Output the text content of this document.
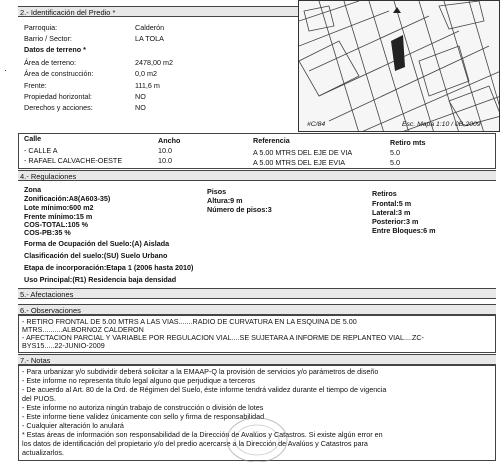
2.- Identificación del Predio *
Parroquia:	Calderón
Barrio / Sector:	LA TOLA
Datos de terreno *
Área de terreno:	2478,00 m2
Área de construcción:	0,0 m2
Frente:	111,6 m
Propiedad horizontal:	NO
Derechos y acciones:	NO
·
#C/84	Esc. Mapa 1:10 / 0B-2009
Calle	Ancho	Referencia	Retiro mts
- CALLE A	10.0	A 5.00 MTRS DEL EJE DE VIA	5.0
- RAFAEL CALVACHE-OESTE	10.0	A 5.00 MTRS DEL EJE EVIA	5.0
4.- Regulaciones
Zona
Zonificación:A8(A603-35)
Lote mínimo:600 m2
Frente mínimo:15 m
COS-TOTAL:105 %
COS-PB:35 %
Pisos
Altura:9 m
Número de pisos:3
Retiros
Frontal:5 m
Lateral:3 m
Posterior:3 m
Entre Bloques:6 m
Forma de Ocupación del Suelo:(A) Aislada
Clasificación del suelo:(SU) Suelo Urbano
Etapa de incorporación:Etapa 1 (2006 hasta 2010)
Uso Principal:(R1) Residencia baja densidad
5.- Afectaciones
6.- Observaciones
- RETIRO FRONTAL DE 5.00 MTRS A LAS VIAS.......RADIO DE CURVATURA EN LA ESQUINA DE 5.00
MTRS..........ALBORNOZ CALDERON
- AFECTACION PARCIAL Y VARIABLE POR REGULACION VIAL....SE SUJETARA A INFORME DE REPLANTEO VIAL....ZC-
BYS15.....22-JUNIO-2009
7.- Notas
- Para urbanizar y/o subdividir deberá solicitar a la EMAAP-Q la provisión de servicios y/o parámetros de diseño
- Este informe no representa título legal alguno que perjudique a terceros
- De acuerdo al Art. 80 de la Ord. de Régimen del Suelo, éste informe tendrá validez durante el tiempo de vigencia
del PUOS.
- Este informe no autoriza ningún trabajo de construcción o división de lotes
- Este informe tiene validez únicamente con sello y firma de responsabilidad
- Cualquier alteración lo anulará
* Estas áreas de información son responsabilidad de la Dirección de Avalúos y Catastros. Si existe algún error en
los datos de identificación del propietario y/o del predio acercarse a la Dirección de Avalúos y Catastros para
actualizarlos.
